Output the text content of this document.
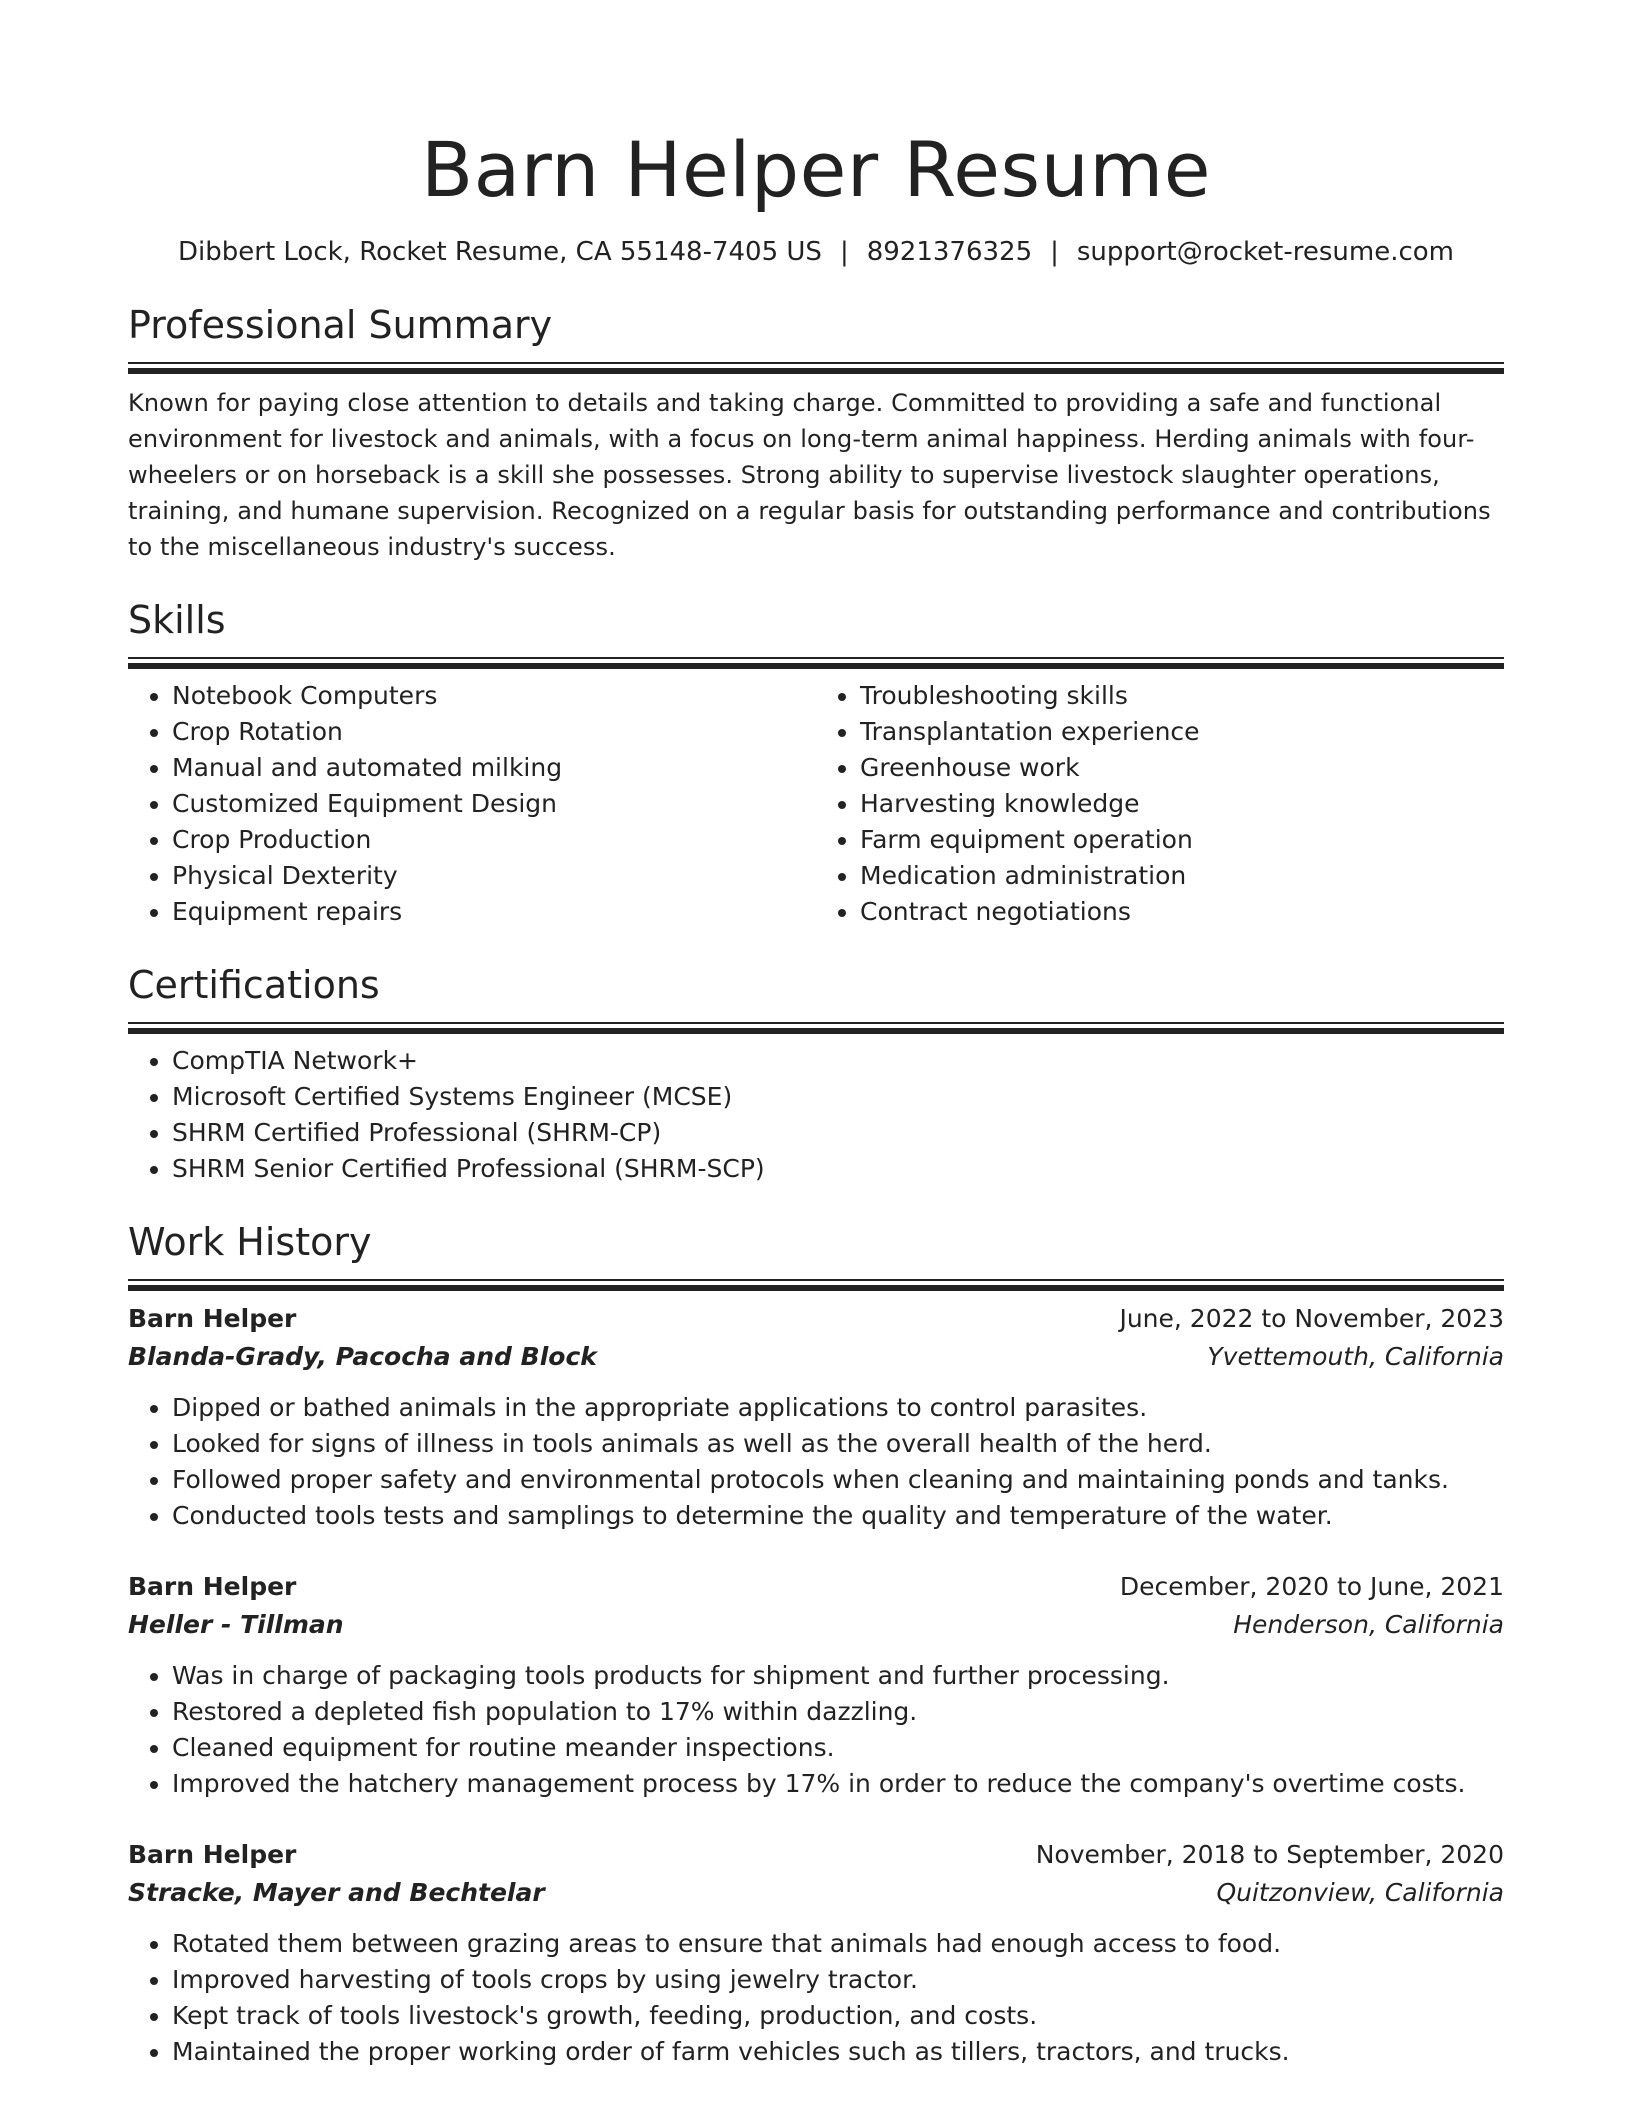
Barn Helper Resume
Dibbert Lock, Rocket Resume, CA 55148-7405 US | 8921376325 | support@rocket-resume.com
Professional Summary

Known for paying close attention to details and taking charge. Committed to providing a safe and functional environment for livestock and animals, with a focus on long-term animal happiness. Herding animals with four-wheelers or on horseback is a skill she possesses. Strong ability to supervise livestock slaughter operations, training, and humane supervision. Recognized on a regular basis for outstanding performance and contributions to the miscellaneous industry's success.

Skills
• Notebook Computers
• Crop Rotation
• Manual and automated milking
• Customized Equipment Design
• Crop Production
• Physical Dexterity
• Equipment repairs
• Troubleshooting skills
• Transplantation experience
• Greenhouse work
• Harvesting knowledge
• Farm equipment operation
• Medication administration
• Contract negotiations
Certifications
• CompTIA Network+
• Microsoft Certified Systems Engineer (MCSE)
• SHRM Certified Professional (SHRM-CP)
• SHRM Senior Certified Professional (SHRM-SCP)
Work History
Barn Helper	June, 2022 to November, 2023
Blanda-Grady, Pacocha and Block	Yvettemouth, California
• Dipped or bathed animals in the appropriate applications to control parasites.
• Looked for signs of illness in tools animals as well as the overall health of the herd.
• Followed proper safety and environmental protocols when cleaning and maintaining ponds and tanks.
• Conducted tools tests and samplings to determine the quality and temperature of the water.
Barn Helper	December, 2020 to June, 2021
Heller - Tillman	Henderson, California
• Was in charge of packaging tools products for shipment and further processing.
• Restored a depleted fish population to 17% within dazzling.
• Cleaned equipment for routine meander inspections.
• Improved the hatchery management process by 17% in order to reduce the company's overtime costs.
Barn Helper	November, 2018 to September, 2020
Stracke, Mayer and Bechtelar	Quitzonview, California
• Rotated them between grazing areas to ensure that animals had enough access to food.
• Improved harvesting of tools crops by using jewelry tractor.
• Kept track of tools livestock's growth, feeding, production, and costs.
• Maintained the proper working order of farm vehicles such as tillers, tractors, and trucks.
